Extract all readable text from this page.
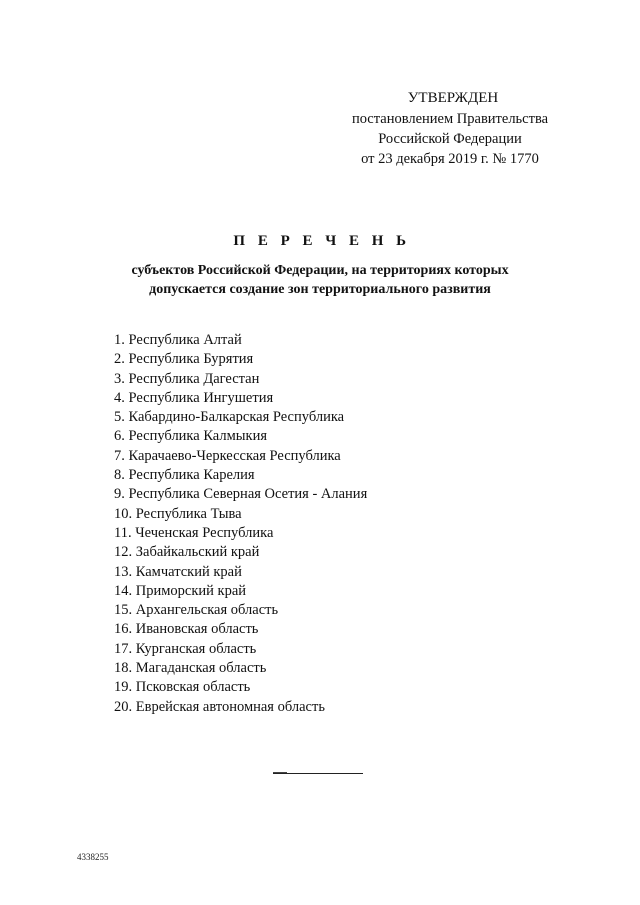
УТВЕРЖДЕН
постановлением Правительства
Российской Федерации
от 23 декабря 2019 г. № 1770
П Е Р Е Ч Е Н Ь
субъектов Российской Федерации, на территориях которых
допускается создание зон территориального развития
1. Республика Алтай
2. Республика Бурятия
3. Республика Дагестан
4. Республика Ингушетия
5. Кабардино-Балкарская Республика
6. Республика Калмыкия
7. Карачаево-Черкесская Республика
8. Республика Карелия
9. Республика Северная Осетия - Алания
10. Республика Тыва
11. Чеченская Республика
12. Забайкальский край
13. Камчатский край
14. Приморский край
15. Архангельская область
16. Ивановская область
17. Курганская область
18. Магаданская область
19. Псковская область
20. Еврейская автономная область
4338255
